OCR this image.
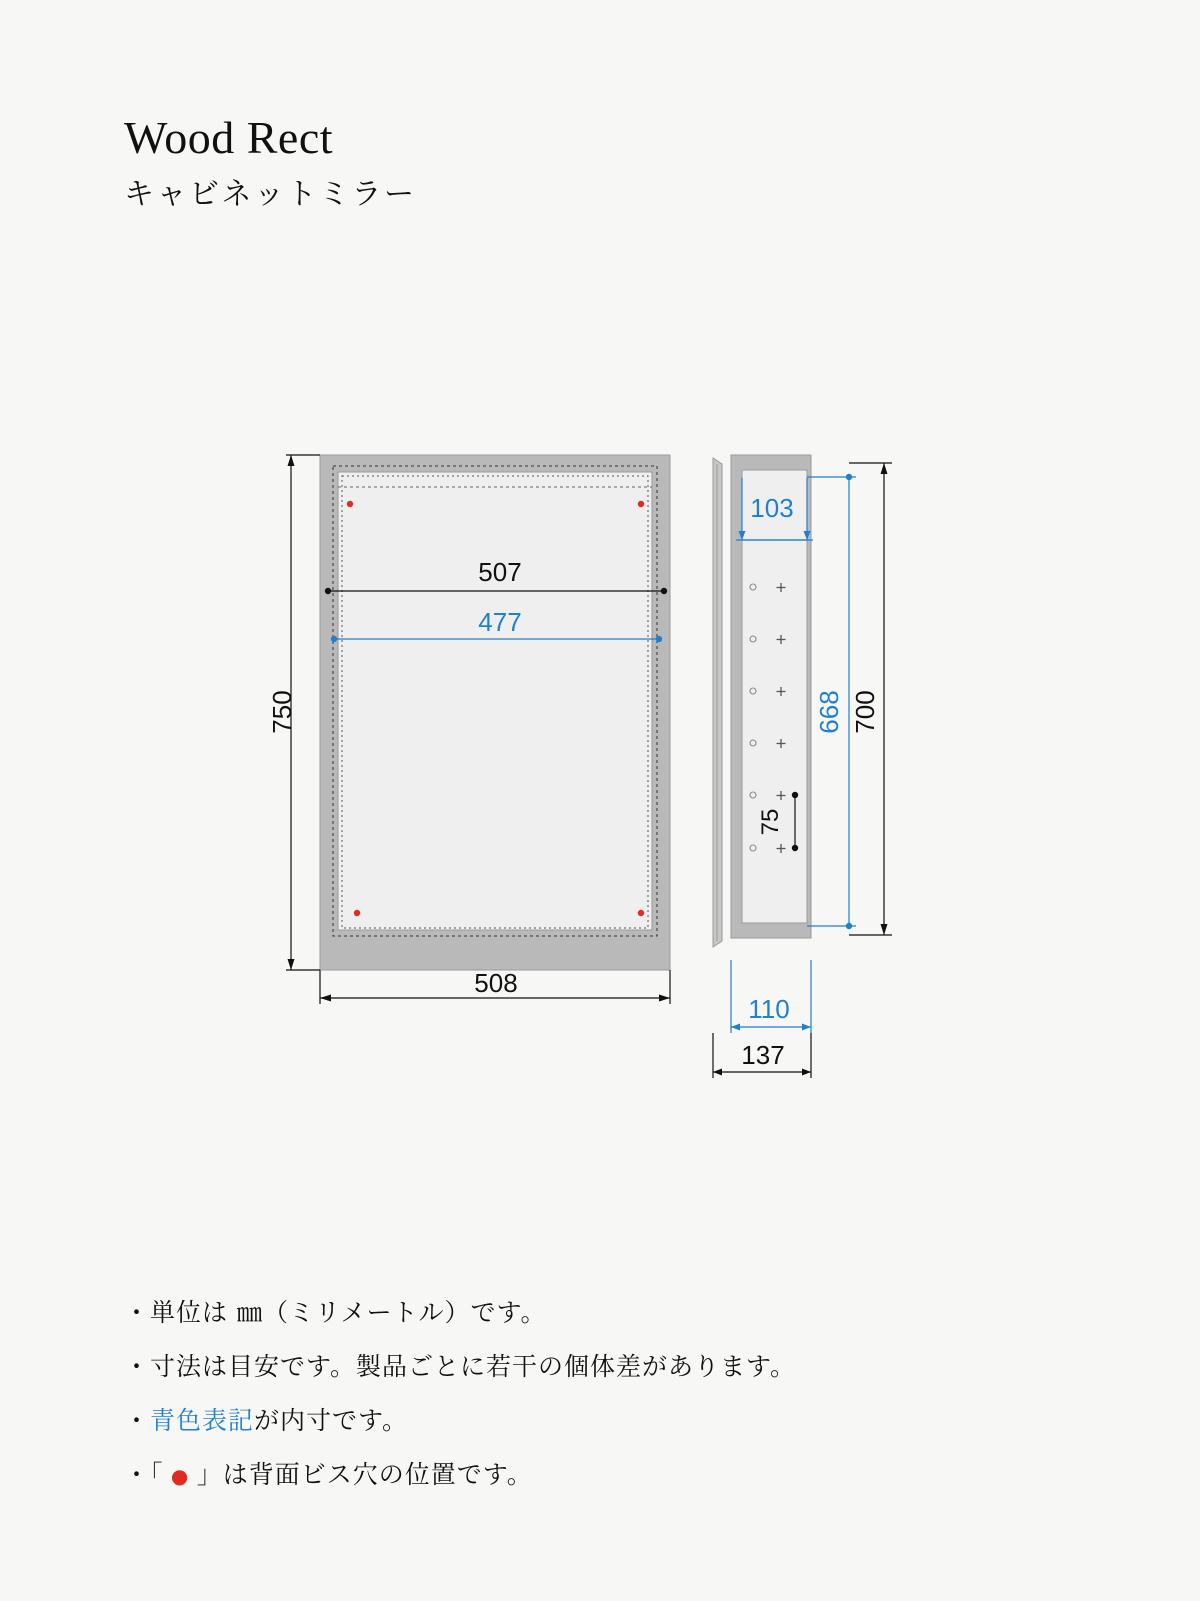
Wood Rect
キャビネットミラー
750
507
477
508
103
668 700
75
110
137

・単位は ㎜（ミリメートル）です。

・寸法は目安です。製品ごとに若干の個体差があります。

・青色表記が内寸です。

・「 ● 」は背面ビス穴の位置です。
